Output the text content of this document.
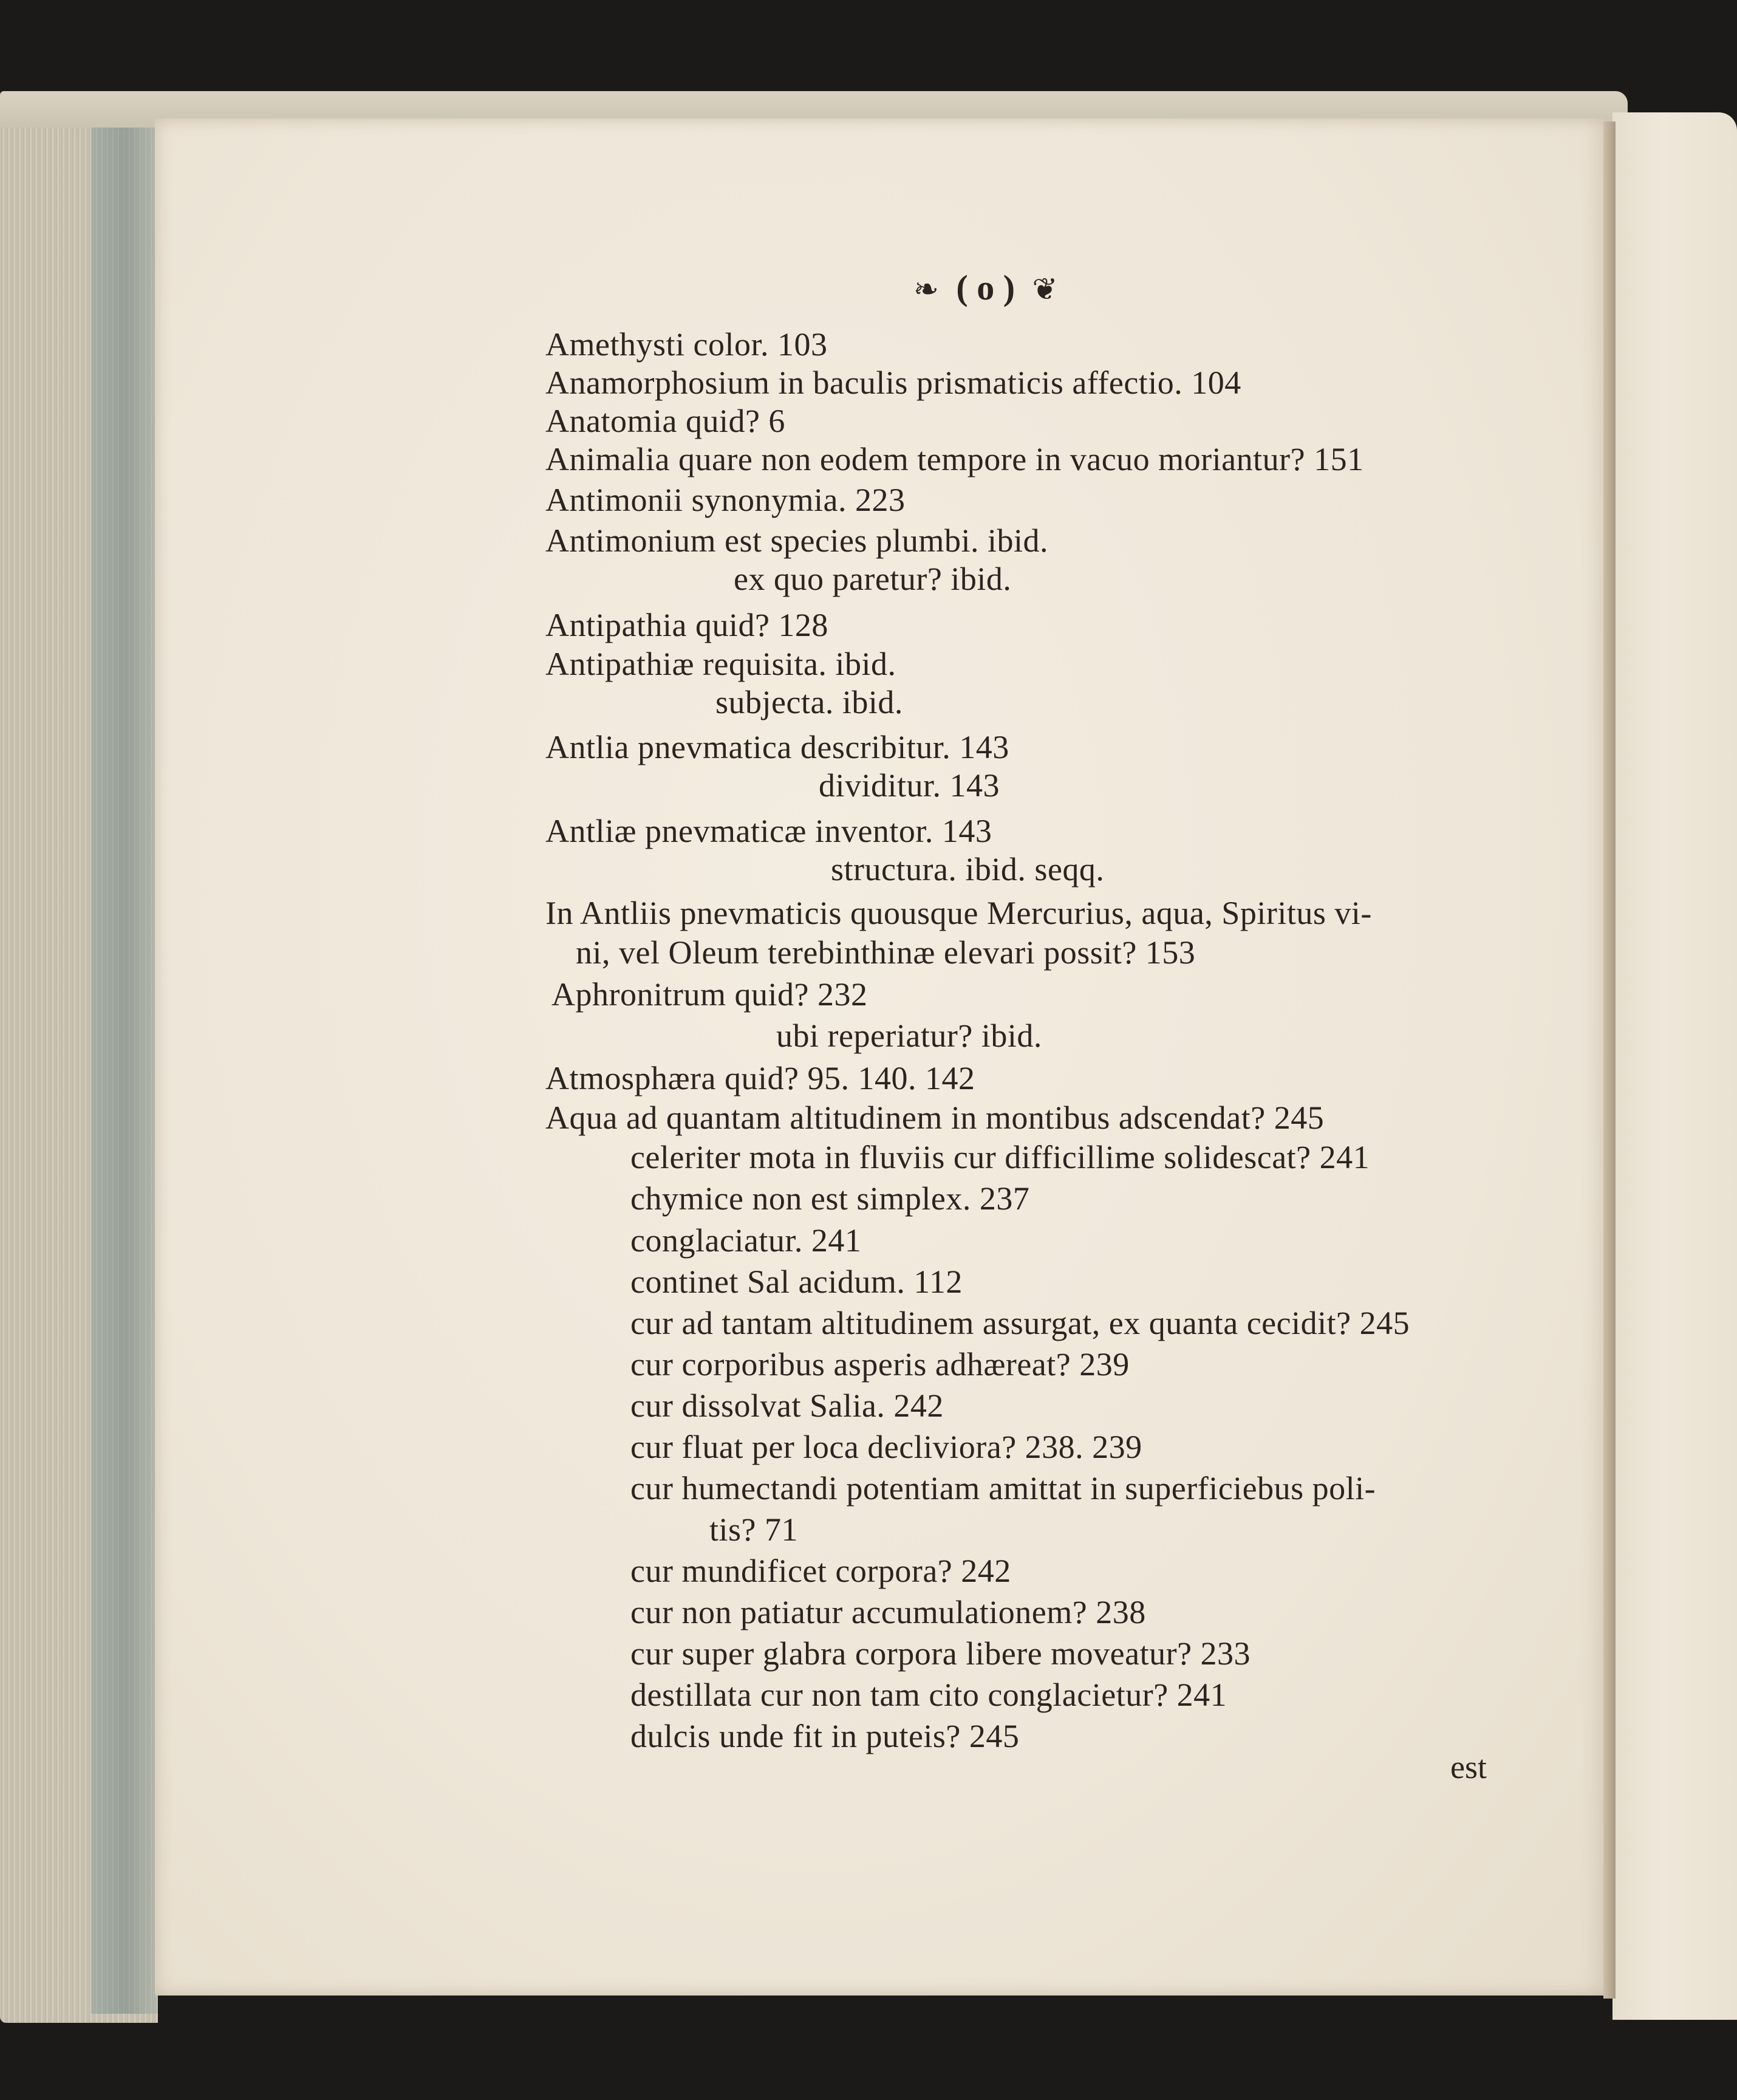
❧ ( o ) ❦
Amethysti color. 103
Anamorphosium in baculis prismaticis affectio. 104
Anatomia quid? 6
Animalia quare non eodem tempore in vacuo moriantur? 151
Antimonii synonymia. 223
Antimonium est species plumbi. ibid.
ex quo paretur? ibid.
Antipathia quid? 128
Antipathiæ requisita. ibid.
subjecta. ibid.
Antlia pnevmatica describitur. 143
dividitur. 143
Antliæ pnevmaticæ inventor. 143
structura. ibid. seqq.
In Antliis pnevmaticis quousque Mercurius, aqua, Spiritus vi-
ni, vel Oleum terebinthinæ elevari possit? 153
Aphronitrum quid? 232
ubi reperiatur? ibid.
Atmosphæra quid? 95. 140. 142
Aqua ad quantam altitudinem in montibus adscendat? 245
celeriter mota in fluviis cur difficillime solidescat? 241
chymice non est simplex. 237
conglaciatur. 241
continet Sal acidum. 112
cur ad tantam altitudinem assurgat, ex quanta cecidit? 245
cur corporibus asperis adhæreat? 239
cur dissolvat Salia. 242
cur fluat per loca decliviora? 238. 239
cur humectandi potentiam amittat in superficiebus poli-
tis? 71
cur mundificet corpora? 242
cur non patiatur accumulationem? 238
cur super glabra corpora libere moveatur? 233
destillata cur non tam cito conglacietur? 241
dulcis unde fit in puteis? 245
est
